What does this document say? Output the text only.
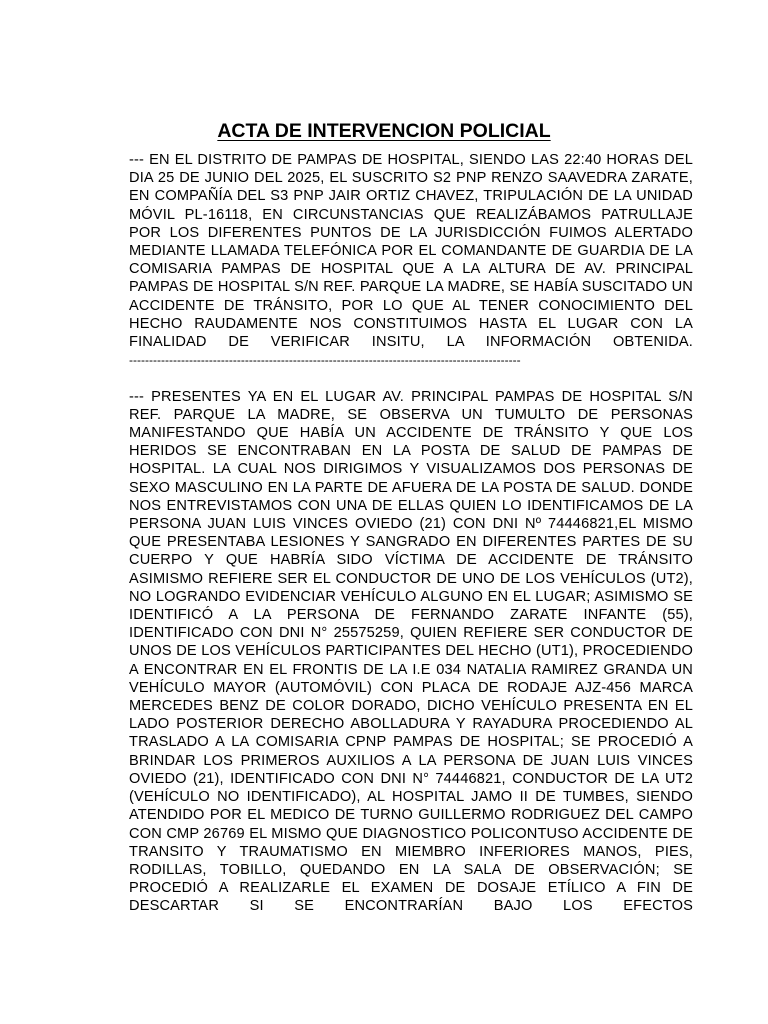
ACTA DE INTERVENCION POLICIAL

--- EN EL DISTRITO DE PAMPAS DE HOSPITAL, SIENDO LAS 22:40 HORAS DEL DIA 25 DE JUNIO DEL 2025, EL SUSCRITO S2 PNP RENZO SAAVEDRA ZARATE, EN COMPAÑÍA DEL S3 PNP JAIR ORTIZ CHAVEZ, TRIPULACIÓN DE LA UNIDAD MÓVIL PL-16118, EN CIRCUNSTANCIAS QUE REALIZÁBAMOS PATRULLAJE POR LOS DIFERENTES PUNTOS DE LA JURISDICCIÓN FUIMOS ALERTADO MEDIANTE LLAMADA TELEFÓNICA POR EL COMANDANTE DE GUARDIA DE LA COMISARIA PAMPAS DE HOSPITAL QUE A LA ALTURA DE AV. PRINCIPAL PAMPAS DE HOSPITAL S/N REF. PARQUE LA MADRE, SE HABÍA SUSCITADO UN ACCIDENTE DE TRÁNSITO, POR LO QUE AL TENER CONOCIMIENTO DEL HECHO RAUDAMENTE NOS CONSTITUIMOS HASTA EL LUGAR CON LA FINALIDAD DE VERIFICAR INSITU, LA INFORMACIÓN OBTENIDA.

--------------------------------------------------------------------------------------------------

--- PRESENTES YA EN EL LUGAR AV. PRINCIPAL PAMPAS DE HOSPITAL S/N REF. PARQUE LA MADRE, SE OBSERVA UN TUMULTO DE PERSONAS MANIFESTANDO QUE HABÍA UN ACCIDENTE DE TRÁNSITO Y QUE LOS HERIDOS SE ENCONTRABAN EN LA POSTA DE SALUD DE PAMPAS DE HOSPITAL. LA CUAL NOS DIRIGIMOS Y VISUALIZAMOS DOS PERSONAS DE SEXO MASCULINO EN LA PARTE DE AFUERA DE LA POSTA DE SALUD. DONDE NOS ENTREVISTAMOS CON UNA DE ELLAS QUIEN LO IDENTIFICAMOS DE LA PERSONA JUAN LUIS VINCES OVIEDO (21) CON DNI Nº 74446821,EL MISMO QUE PRESENTABA LESIONES Y SANGRADO EN DIFERENTES PARTES DE SU CUERPO Y QUE HABRÍA SIDO VÍCTIMA DE ACCIDENTE DE TRÁNSITO ASIMISMO REFIERE SER EL CONDUCTOR DE UNO DE LOS VEHÍCULOS (UT2), NO LOGRANDO EVIDENCIAR VEHÍCULO ALGUNO EN EL LUGAR; ASIMISMO SE IDENTIFICÓ A LA PERSONA DE FERNANDO ZARATE INFANTE (55), IDENTIFICADO CON DNI N° 25575259, QUIEN REFIERE SER CONDUCTOR DE UNOS DE LOS VEHÍCULOS PARTICIPANTES DEL HECHO (UT1), PROCEDIENDO A ENCONTRAR EN EL FRONTIS DE LA I.E 034 NATALIA RAMIREZ GRANDA UN VEHÍCULO MAYOR (AUTOMÓVIL) CON PLACA DE RODAJE AJZ-456 MARCA MERCEDES BENZ DE COLOR DORADO, DICHO VEHÍCULO PRESENTA EN EL LADO POSTERIOR DERECHO ABOLLADURA Y RAYADURA PROCEDIENDO AL TRASLADO A LA COMISARIA CPNP PAMPAS DE HOSPITAL; SE PROCEDIÓ A BRINDAR LOS PRIMEROS AUXILIOS A LA PERSONA DE JUAN LUIS VINCES OVIEDO (21), IDENTIFICADO CON DNI N° 74446821, CONDUCTOR DE LA UT2 (VEHÍCULO NO IDENTIFICADO), AL HOSPITAL JAMO II DE TUMBES, SIENDO ATENDIDO POR EL MEDICO DE TURNO GUILLERMO RODRIGUEZ DEL CAMPO CON CMP 26769 EL MISMO QUE DIAGNOSTICO POLICONTUSO ACCIDENTE DE TRANSITO Y TRAUMATISMO EN MIEMBRO INFERIORES MANOS, PIES, RODILLAS, TOBILLO, QUEDANDO EN LA SALA DE OBSERVACIÓN; SE PROCEDIÓ A REALIZARLE EL EXAMEN DE DOSAJE ETÍLICO A FIN DE DESCARTAR SI SE ENCONTRARÍAN BAJO LOS EFECTOS
